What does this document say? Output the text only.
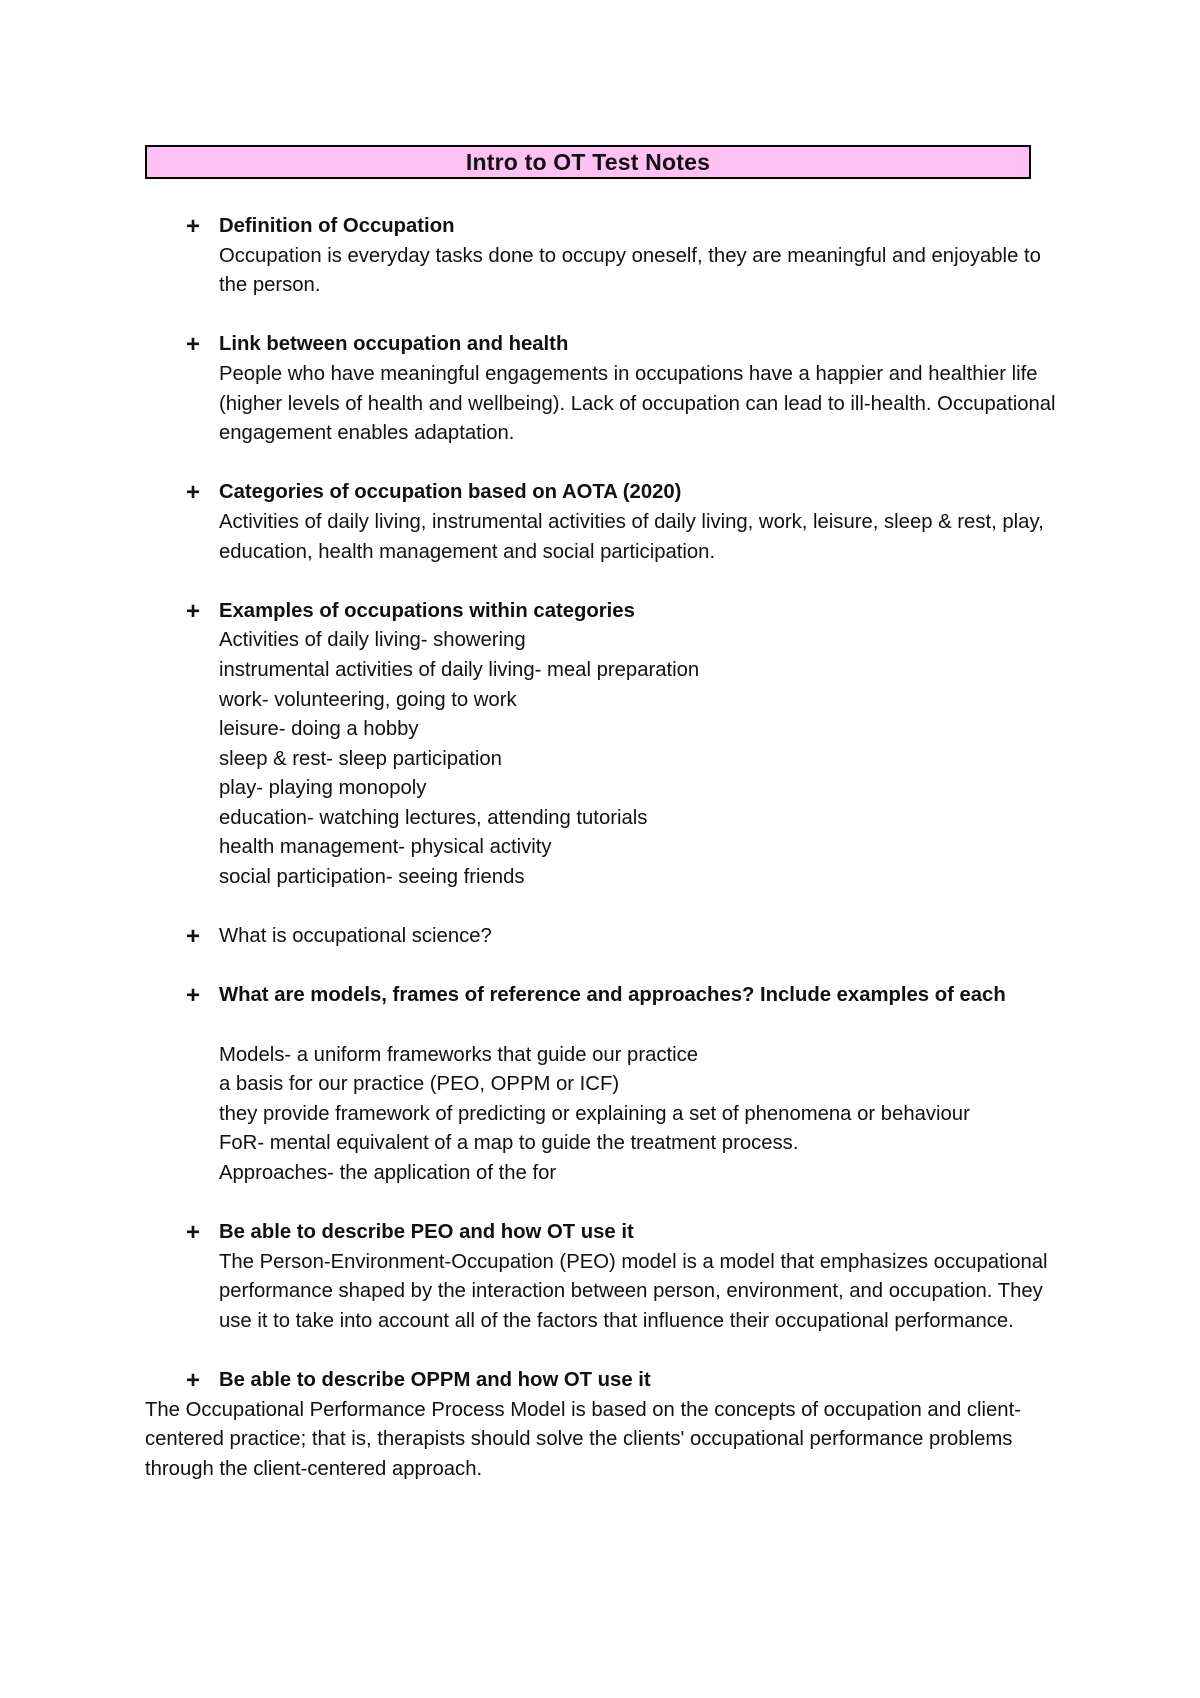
Intro to OT Test Notes
+ Definition of Occupation

Occupation is everyday tasks done to occupy oneself, they are meaningful and enjoyable to the person.

+ Link between occupation and health

People who have meaningful engagements in occupations have a happier and healthier life (higher levels of health and wellbeing). Lack of occupation can lead to ill-health. Occupational engagement enables adaptation.

+ Categories of occupation based on AOTA (2020)

Activities of daily living, instrumental activities of daily living, work, leisure, sleep & rest, play, education, health management and social participation.

+ Examples of occupations within categories
Activities of daily living- showering
instrumental activities of daily living- meal preparation
work- volunteering, going to work
leisure- doing a hobby
sleep & rest- sleep participation
play- playing monopoly
education- watching lectures, attending tutorials
health management- physical activity
social participation- seeing friends
+ What is occupational science?
+ What are models, frames of reference and approaches? Include examples of each
Models- a uniform frameworks that guide our practice
a basis for our practice (PEO, OPPM or ICF)
they provide framework of predicting or explaining a set of phenomena or behaviour
FoR- mental equivalent of a map to guide the treatment process.
Approaches- the application of the for
+ Be able to describe PEO and how OT use it

The Person-Environment-Occupation (PEO) model is a model that emphasizes occupational performance shaped by the interaction between person, environment, and occupation. They use it to take into account all of the factors that influence their occupational performance.

+ Be able to describe OPPM and how OT use it

The Occupational Performance Process Model is based on the concepts of occupation and client-centered practice; that is, therapists should solve the clients' occupational performance problems through the client-centered approach.
